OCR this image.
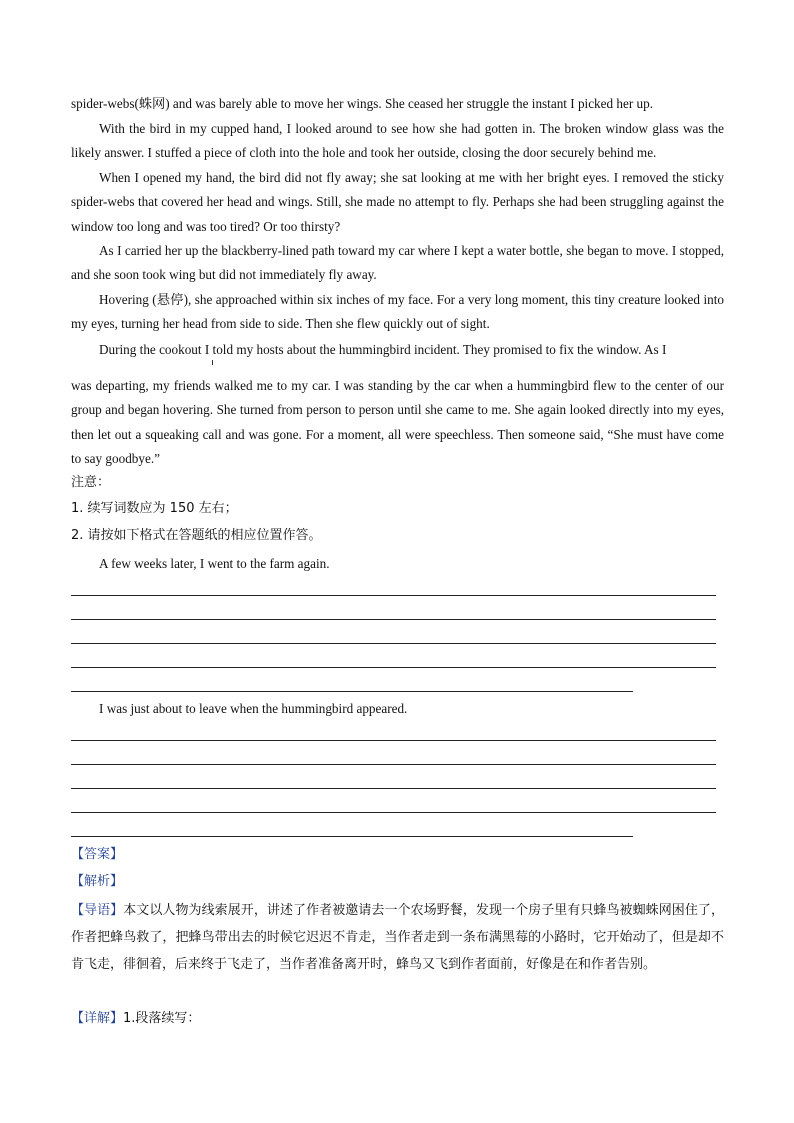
spider-webs(蛛网) and was barely able to move her wings. She ceased her struggle the instant I picked her up.
With the bird in my cupped hand, I looked around to see how she had gotten in. The broken window glass was the likely answer. I stuffed a piece of cloth into the hole and took her outside, closing the door securely behind me.
When I opened my hand, the bird did not fly away; she sat looking at me with her bright eyes. I removed the sticky spider-webs that covered her head and wings. Still, she made no attempt to fly. Perhaps she had been struggling against the window too long and was too tired? Or too thirsty?
As I carried her up the blackberry-lined path toward my car where I kept a water bottle, she began to move. I stopped, and she soon took wing but did not immediately fly away.
Hovering (悬停), she approached within six inches of my face. For a very long moment, this tiny creature looked into my eyes, turning her head from side to side. Then she flew quickly out of sight.
During the cookout I told my hosts about the hummingbird incident. They promised to fix the window. As I
was departing, my friends walked me to my car. I was standing by the car when a hummingbird flew to the center of our group and began hovering. She turned from person to person until she came to me. She again looked directly into my eyes, then let out a squeaking call and was gone. For a moment, all were speechless. Then someone said, “She must have come to say goodbye.”
注意：
1. 续写词数应为 150 左右；
2. 请按如下格式在答题纸的相应位置作答。
A few weeks later, I went to the farm again.
I was just about to leave when the hummingbird appeared.
【答案】
【解析】
【导语】本文以人物为线索展开，讲述了作者被邀请去一个农场野餐，发现一个房子里有只蜂鸟被蜘蛛网困住了，作者把蜂鸟救了，把蜂鸟带出去的时候它迟迟不肯走，当作者走到一条布满黑莓的小路时，它开始动了，但是却不肯飞走，徘徊着，后来终于飞走了，当作者准备离开时，蜂鸟又飞到作者面前，好像是在和作者告别。
【详解】1.段落续写：
